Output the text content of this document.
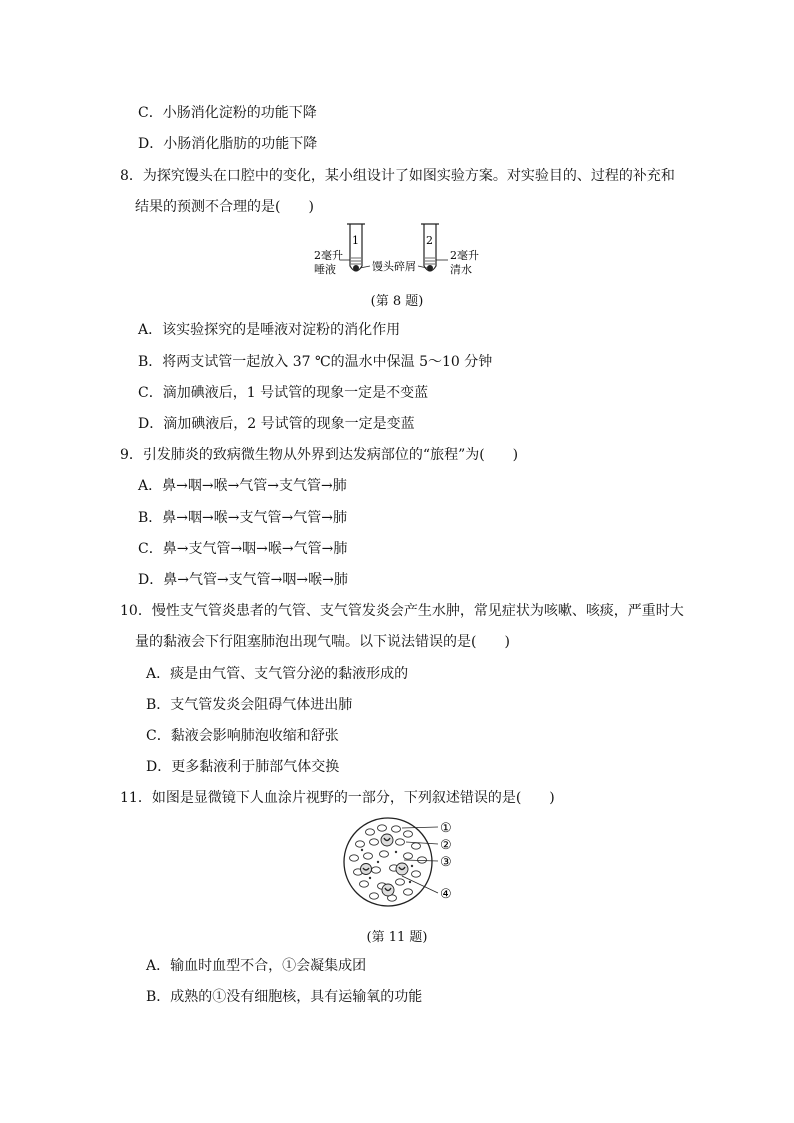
C．小肠消化淀粉的功能下降
D．小肠消化脂肪的功能下降
8．为探究馒头在口腔中的变化，某小组设计了如图实验方案。对实验目的、过程的补充和
结果的预测不合理的是(　　)
1	2
2毫升
唾液	馒头碎屑
2毫升
清水
(第 8 题)
A．该实验探究的是唾液对淀粉的消化作用
B．将两支试管一起放入 37 ℃的温水中保温 5～10 分钟
C．滴加碘液后，1 号试管的现象一定是不变蓝
D．滴加碘液后，2 号试管的现象一定是变蓝
9．引发肺炎的致病微生物从外界到达发病部位的“旅程”为(　　)
A．鼻→咽→喉→气管→支气管→肺
B．鼻→咽→喉→支气管→气管→肺
C．鼻→支气管→咽→喉→气管→肺
D．鼻→气管→支气管→咽→喉→肺
10．慢性支气管炎患者的气管、支气管发炎会产生水肿，常见症状为咳嗽、咳痰，严重时大
量的黏液会下行阻塞肺泡出现气喘。以下说法错误的是(　　)
A．痰是由气管、支气管分泌的黏液形成的
B．支气管发炎会阻碍气体进出肺
C．黏液会影响肺泡收缩和舒张
D．更多黏液利于肺部气体交换
11．如图是显微镜下人血涂片视野的一部分，下列叙述错误的是(　　)
①
②
③
④
(第 11 题)
A．输血时血型不合，①会凝集成团
B．成熟的①没有细胞核，具有运输氧的功能
